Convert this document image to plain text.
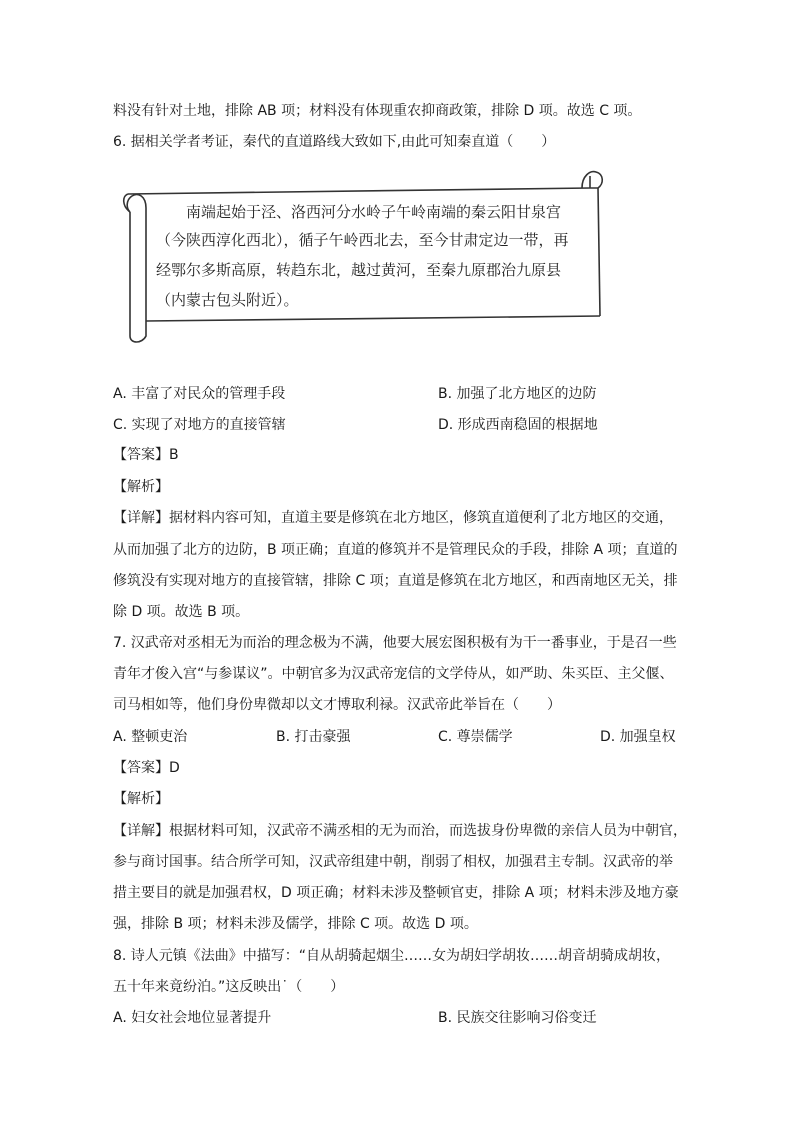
料没有针对土地，排除 AB 项；材料没有体现重农抑商政策，排除 D 项。故选 C 项。
6. 据相关学者考证，秦代的直道路线大致如下,由此可知秦直道（　　）
南端起始于泾、洛西河分水岭子午岭南端的秦云阳甘泉宫
（今陕西淳化西北），循子午岭西北去，至今甘肃定边一带，再
经鄂尔多斯高原，转趋东北，越过黄河，至秦九原郡治九原县
（内蒙古包头附近）。
A. 丰富了对民众的管理手段	B. 加强了北方地区的边防
C. 实现了对地方的直接管辖	D. 形成西南稳固的根据地
【答案】B
【解析】
【详解】据材料内容可知，直道主要是修筑在北方地区，修筑直道便利了北方地区的交通，
从而加强了北方的边防，B 项正确；直道的修筑并不是管理民众的手段，排除 A 项；直道的
修筑没有实现对地方的直接管辖，排除 C 项；直道是修筑在北方地区，和西南地区无关，排
除 D 项。故选 B 项。
7. 汉武帝对丞相无为而治的理念极为不满，他要大展宏图积极有为干一番事业，于是召一些
青年才俊入宫“与参谋议”。中朝官多为汉武帝宠信的文学侍从，如严助、朱买臣、主父偃、
司马相如等，他们身份卑微却以文才博取利禄。汉武帝此举旨在（　　）
A. 整顿吏治	B. 打击豪强	C. 尊崇儒学	D. 加强皇权
【答案】D
【解析】
【详解】根据材料可知，汉武帝不满丞相的无为而治，而选拔身份卑微的亲信人员为中朝官，
参与商讨国事。结合所学可知，汉武帝组建中朝，削弱了相权，加强君主专制。汉武帝的举
措主要目的就是加强君权，D 项正确；材料未涉及整顿官吏，排除 A 项；材料未涉及地方豪
强，排除 B 项；材料未涉及儒学，排除 C 项。故选 D 项。
8. 诗人元镇《法曲》中描写：“自从胡骑起烟尘……女为胡妇学胡妆……胡音胡骑成胡妆，
五十年来竟纷泊。”这反映出˙（　　）
A. 妇女社会地位显著提升	B. 民族交往影响习俗变迁
